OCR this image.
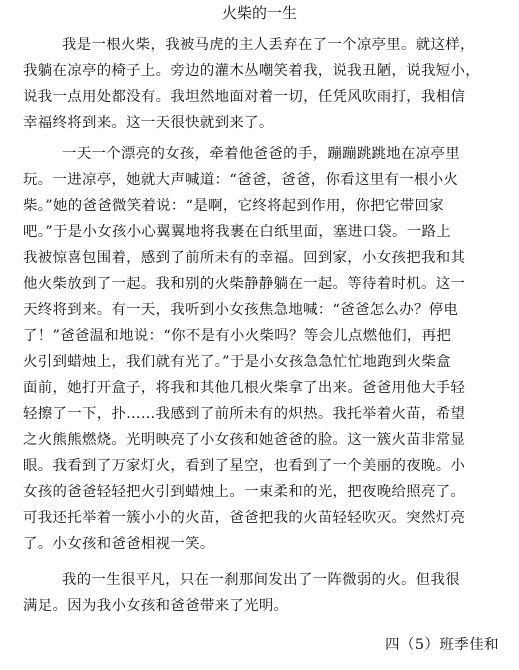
火柴的一生
我是一根火柴，我被马虎的主人丢弃在了一个凉亭里。就这样，
我躺在凉亭的椅子上。旁边的灌木丛嘲笑着我，说我丑陋，说我短小，
说我一点用处都没有。我坦然地面对着一切，任凭风吹雨打，我相信
幸福终将到来。这一天很快就到来了。
一天一个漂亮的女孩，牵着他爸爸的手，蹦蹦跳跳地在凉亭里
玩。一进凉亭，她就大声喊道：“爸爸，爸爸，你看这里有一根小火
柴。”她的爸爸微笑着说：“是啊，它终将起到作用，你把它带回家
吧。”于是小女孩小心翼翼地将我裹在白纸里面，塞进口袋。一路上
我被惊喜包围着，感到了前所未有的幸福。回到家，小女孩把我和其
他火柴放到了一起。我和别的火柴静静躺在一起。等待着时机。这一
天终将到来。有一天，我听到小女孩焦急地喊：“爸爸怎么办？停电
了！”爸爸温和地说：“你不是有小火柴吗？等会儿点燃他们，再把
火引到蜡烛上，我们就有光了。”于是小女孩急急忙忙地跑到火柴盒
面前，她打开盒子，将我和其他几根火柴拿了出来。爸爸用他大手轻
轻擦了一下，扑……我感到了前所未有的炽热。我托举着火苗，希望
之火熊熊燃烧。光明映亮了小女孩和她爸爸的脸。这一簇火苗非常显
眼。我看到了万家灯火，看到了星空，也看到了一个美丽的夜晚。小
女孩的爸爸轻轻把火引到蜡烛上。一束柔和的光，把夜晚给照亮了。
可我还托举着一簇小小的火苗，爸爸把我的火苗轻轻吹灭。突然灯亮
了。小女孩和爸爸相视一笑。
我的一生很平凡，只在一刹那间发出了一阵微弱的火。但我很
满足。因为我小女孩和爸爸带来了光明。
四（5）班季佳和
